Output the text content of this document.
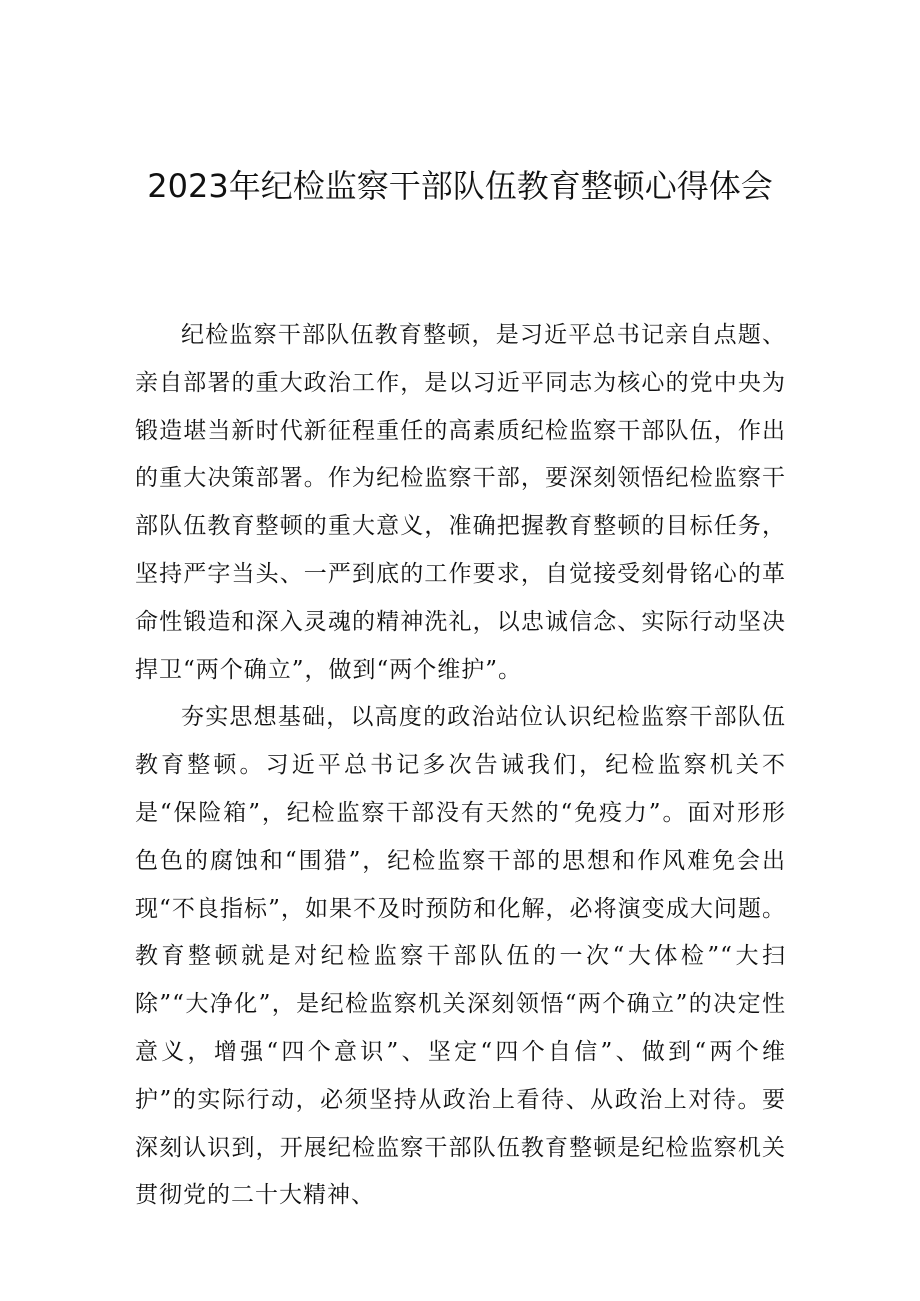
2023年纪检监察干部队伍教育整顿心得体会

纪检监察干部队伍教育整顿，是习近平总书记亲自点题、亲自部署的重大政治工作，是以习近平同志为核心的党中央为锻造堪当新时代新征程重任的高素质纪检监察干部队伍，作出的重大决策部署。作为纪检监察干部，要深刻领悟纪检监察干部队伍教育整顿的重大意义，准确把握教育整顿的目标任务，坚持严字当头、一严到底的工作要求，自觉接受刻骨铭心的革命性锻造和深入灵魂的精神洗礼，以忠诚信念、实际行动坚决捍卫“两个确立”，做到“两个维护”。

夯实思想基础，以高度的政治站位认识纪检监察干部队伍教育整顿。习近平总书记多次告诫我们，纪检监察机关不是“保险箱”，纪检监察干部没有天然的“免疫力”。面对形形色色的腐蚀和“围猎”，纪检监察干部的思想和作风难免会出现“不良指标”，如果不及时预防和化解，必将演变成大问题。教育整顿就是对纪检监察干部队伍的一次“大体检”“大扫除”“大净化”，是纪检监察机关深刻领悟“两个确立”的决定性意义，增强“四个意识”、坚定“四个自信”、做到“两个维护”的实际行动，必须坚持从政治上看待、从政治上对待。要深刻认识到，开展纪检监察干部队伍教育整顿是纪检监察机关贯彻党的二十大精神、
